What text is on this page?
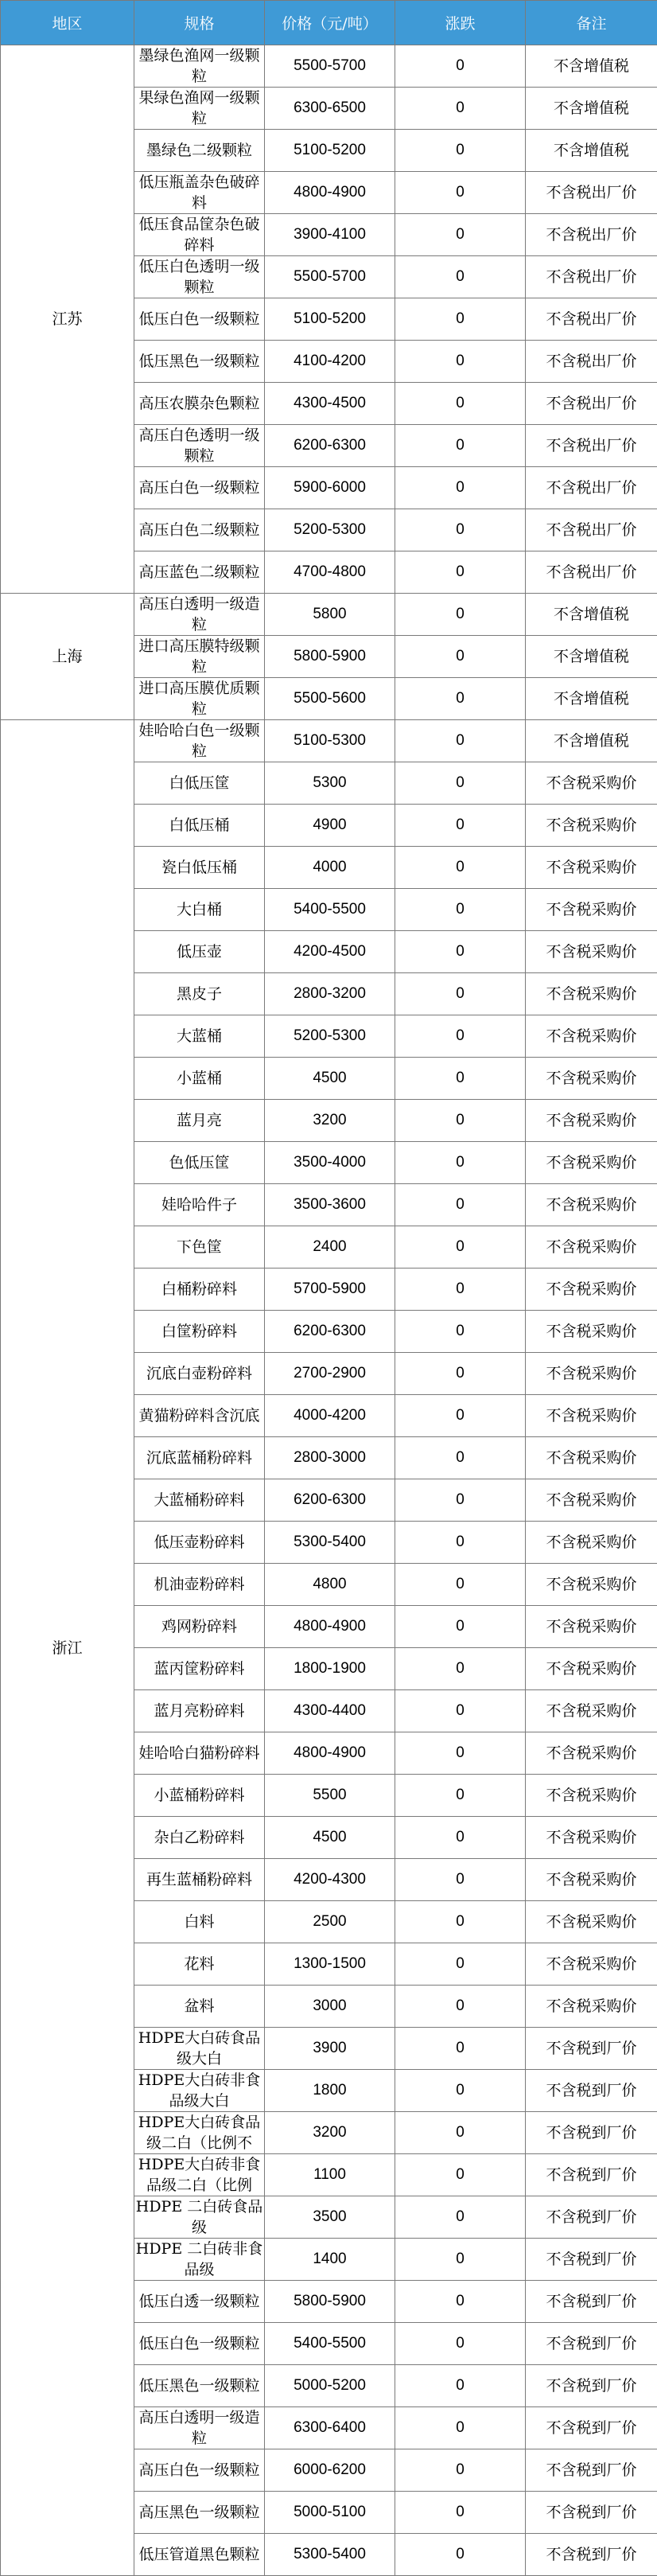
地区	规格	价格（元/吨）	涨跌	备注
江苏	墨绿色渔网一级颗粒	5500-5700	0	不含增值税
	果绿色渔网一级颗粒	6300-6500	0	不含增值税
	墨绿色二级颗粒	5100-5200	0	不含增值税
	低压瓶盖杂色破碎料	4800-4900	0	不含税出厂价
	低压食品筐杂色破碎料	3900-4100	0	不含税出厂价
	低压白色透明一级颗粒	5500-5700	0	不含税出厂价
	低压白色一级颗粒	5100-5200	0	不含税出厂价
	低压黑色一级颗粒	4100-4200	0	不含税出厂价
	高压农膜杂色颗粒	4300-4500	0	不含税出厂价
	高压白色透明一级颗粒	6200-6300	0	不含税出厂价
	高压白色一级颗粒	5900-6000	0	不含税出厂价
	高压白色二级颗粒	5200-5300	0	不含税出厂价
	高压蓝色二级颗粒	4700-4800	0	不含税出厂价
上海	高压白透明一级造粒	5800	0	不含增值税
	进口高压膜特级颗粒	5800-5900	0	不含增值税
	进口高压膜优质颗粒	5500-5600	0	不含增值税
浙江	娃哈哈白色一级颗粒	5100-5300	0	不含增值税
	白低压筐	5300	0	不含税采购价
	白低压桶	4900	0	不含税采购价
	瓷白低压桶	4000	0	不含税采购价
	大白桶	5400-5500	0	不含税采购价
	低压壶	4200-4500	0	不含税采购价
	黑皮子	2800-3200	0	不含税采购价
	大蓝桶	5200-5300	0	不含税采购价
	小蓝桶	4500	0	不含税采购价
	蓝月亮	3200	0	不含税采购价
	色低压筐	3500-4000	0	不含税采购价
	娃哈哈件子	3500-3600	0	不含税采购价
	下色筐	2400	0	不含税采购价
	白桶粉碎料	5700-5900	0	不含税采购价
	白筐粉碎料	6200-6300	0	不含税采购价
	沉底白壶粉碎料	2700-2900	0	不含税采购价
	黄猫粉碎料含沉底	4000-4200	0	不含税采购价
	沉底蓝桶粉碎料	2800-3000	0	不含税采购价
	大蓝桶粉碎料	6200-6300	0	不含税采购价
	低压壶粉碎料	5300-5400	0	不含税采购价
	机油壶粉碎料	4800	0	不含税采购价
	鸡网粉碎料	4800-4900	0	不含税采购价
	蓝丙筐粉碎料	1800-1900	0	不含税采购价
	蓝月亮粉碎料	4300-4400	0	不含税采购价
	娃哈哈白猫粉碎料	4800-4900	0	不含税采购价
	小蓝桶粉碎料	5500	0	不含税采购价
	杂白乙粉碎料	4500	0	不含税采购价
	再生蓝桶粉碎料	4200-4300	0	不含税采购价
	白料	2500	0	不含税采购价
	花料	1300-1500	0	不含税采购价
	盆料	3000	0	不含税采购价
	HDPE大白砖食品级大白	3900	0	不含税到厂价
	HDPE大白砖非食品级大白	1800	0	不含税到厂价
	HDPE大白砖食品级二白（比例不	3200	0	不含税到厂价
	HDPE大白砖非食品级二白（比例	1100	0	不含税到厂价
	HDPE 二白砖食品级	3500	0	不含税到厂价
	HDPE 二白砖非食品级	1400	0	不含税到厂价
	低压白透一级颗粒	5800-5900	0	不含税到厂价
	低压白色一级颗粒	5400-5500	0	不含税到厂价
	低压黑色一级颗粒	5000-5200	0	不含税到厂价
	高压白透明一级造粒	6300-6400	0	不含税到厂价
	高压白色一级颗粒	6000-6200	0	不含税到厂价
	高压黑色一级颗粒	5000-5100	0	不含税到厂价
	低压管道黑色颗粒	5300-5400	0	不含税到厂价
